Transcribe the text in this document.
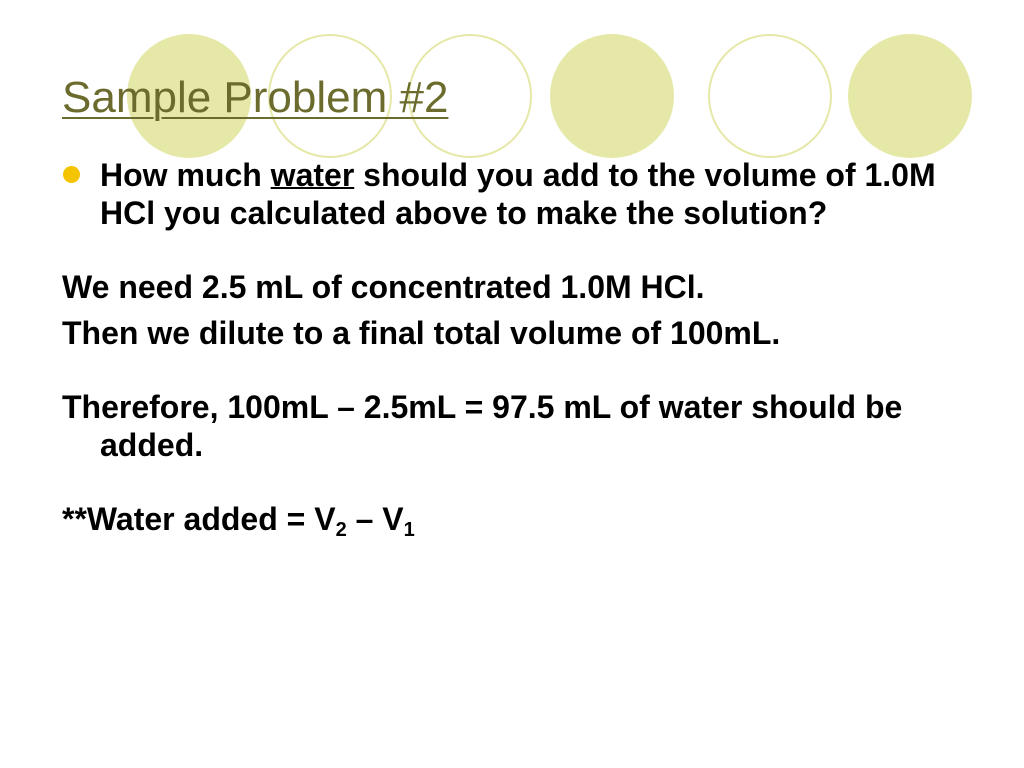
Sample Problem #2
How much water should you add to the volume of 1.0M HCl you calculated above to make the solution?

We need 2.5 mL of concentrated 1.0M HCl.

Then we dilute to a final total volume of 100mL.

Therefore, 100mL – 2.5mL = 97.5 mL of water should be added.

**Water added = $V_2 - V_1$
